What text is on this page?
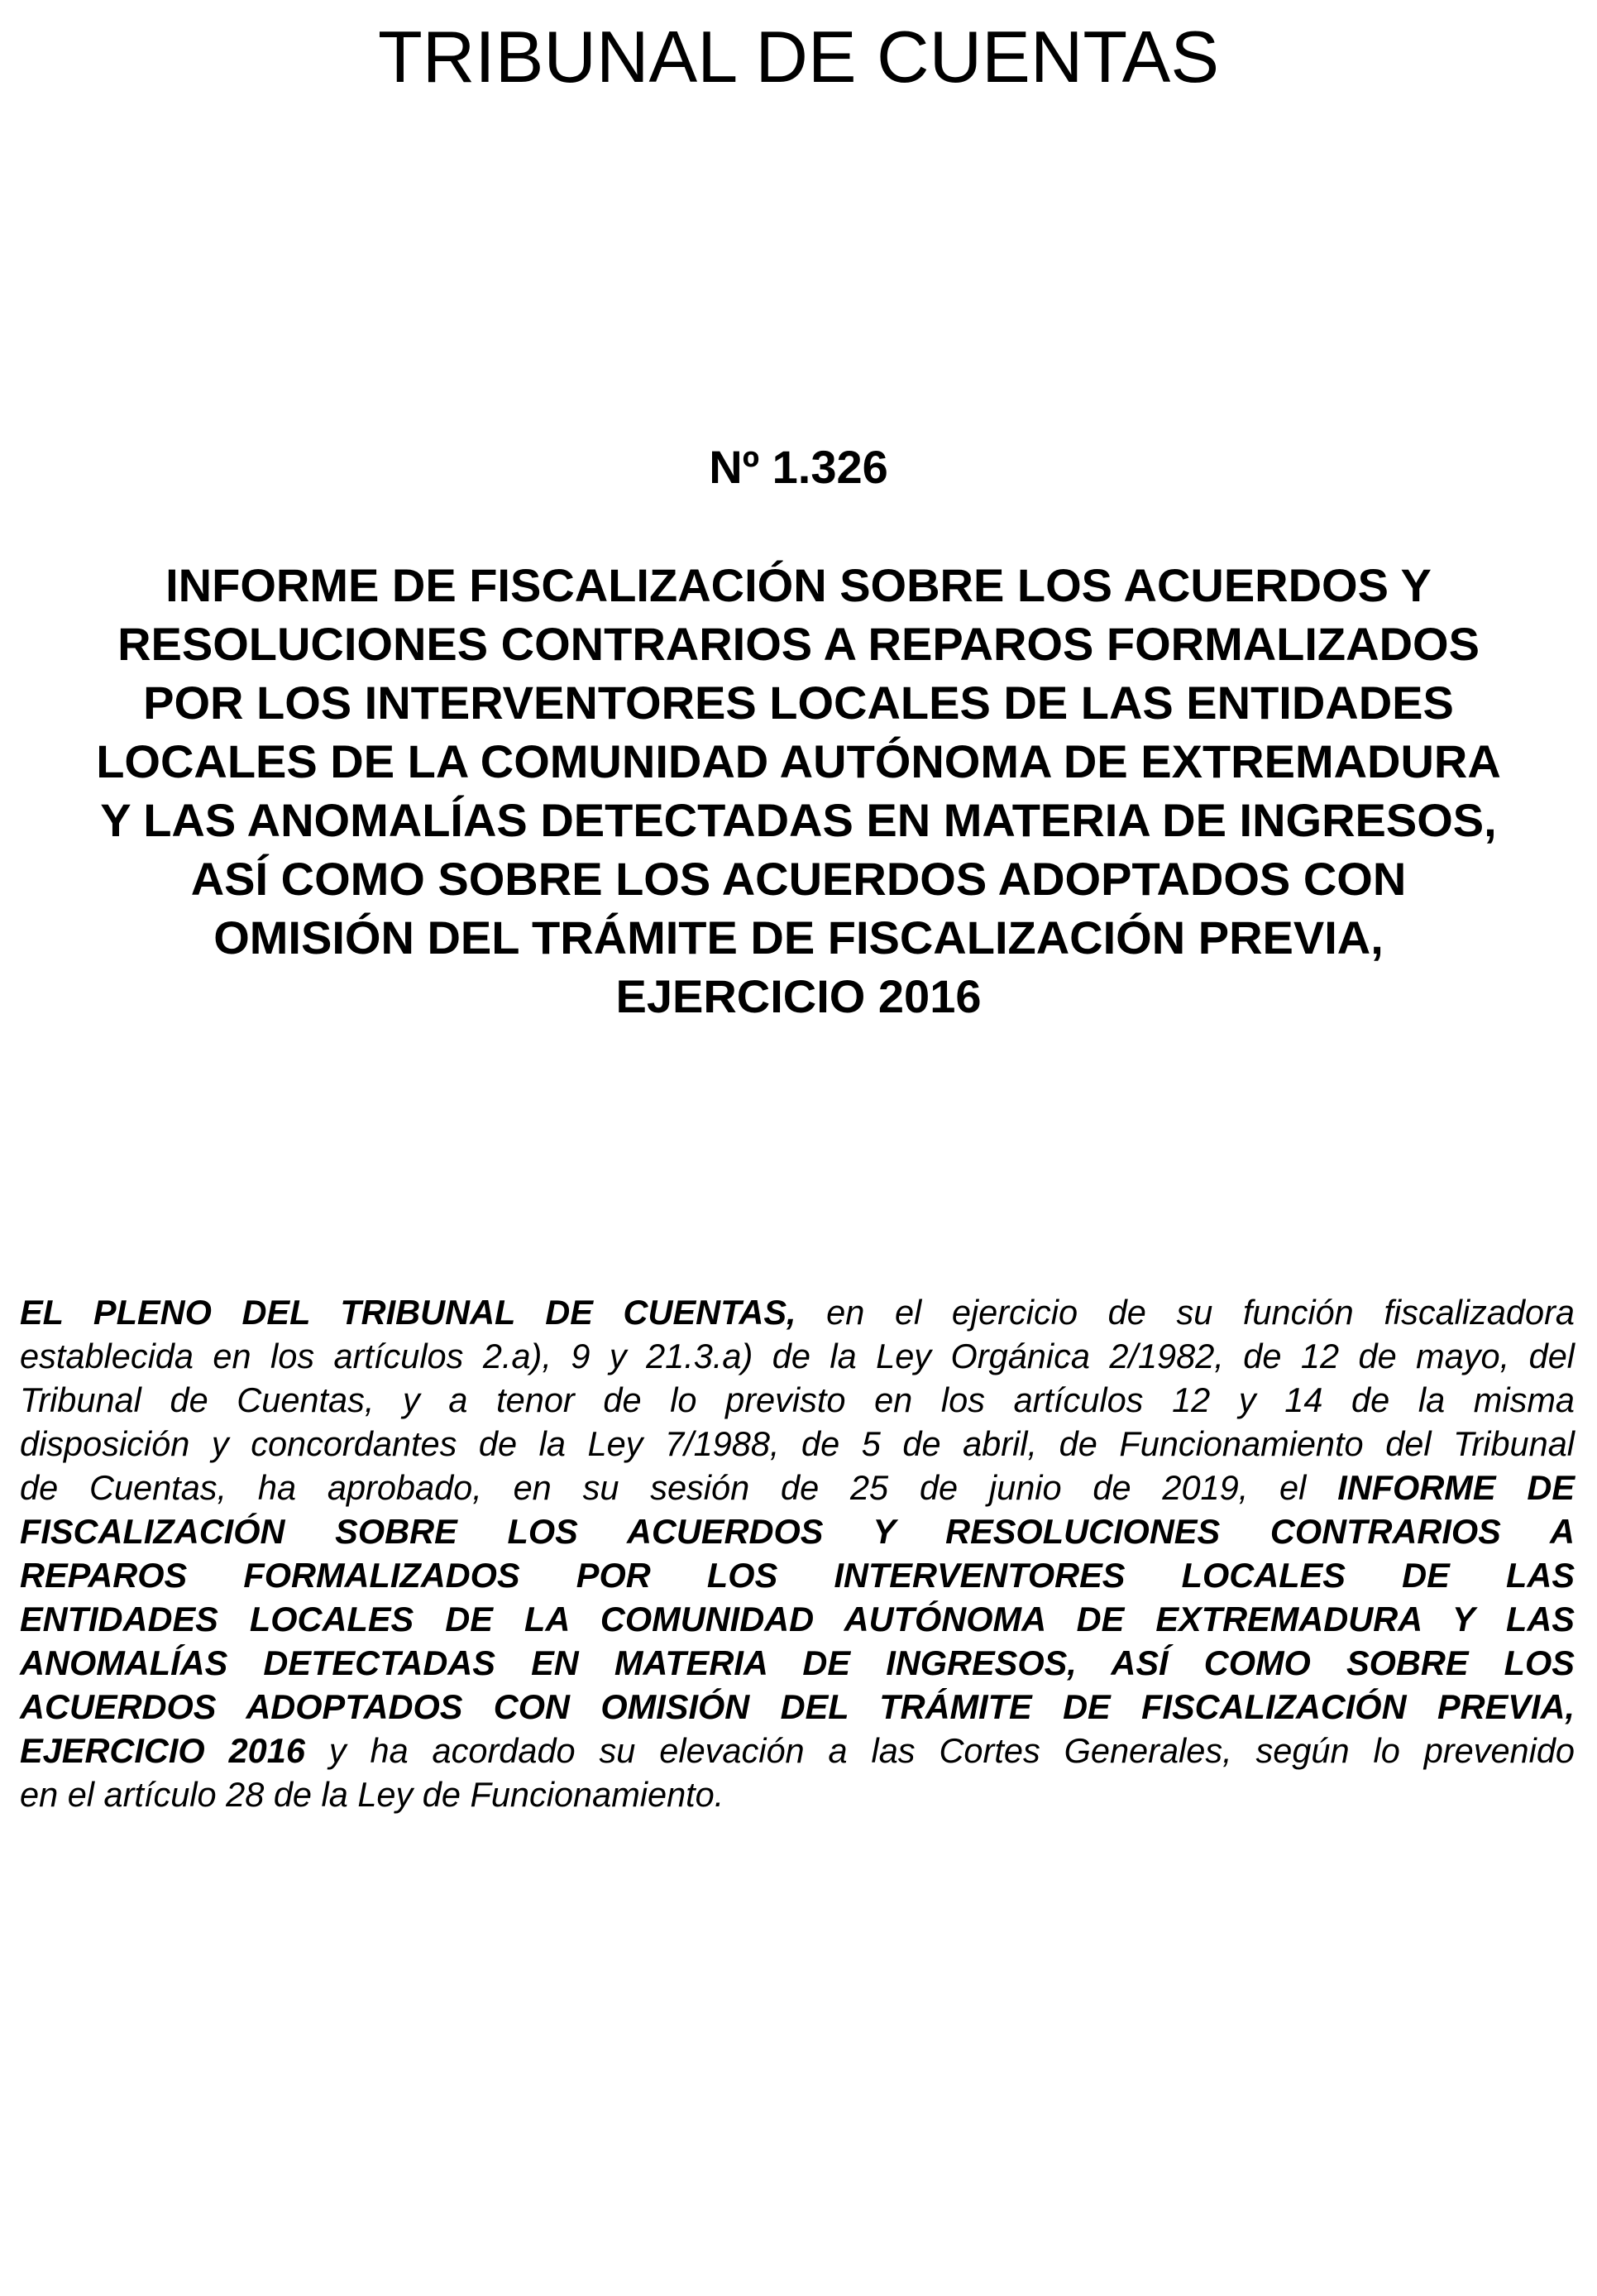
TRIBUNAL DE CUENTAS
Nº 1.326
INFORME DE FISCALIZACIÓN SOBRE LOS ACUERDOS Y
RESOLUCIONES CONTRARIOS A REPAROS FORMALIZADOS
POR LOS INTERVENTORES LOCALES DE LAS ENTIDADES
LOCALES DE LA COMUNIDAD AUTÓNOMA DE EXTREMADURA
Y LAS ANOMALÍAS DETECTADAS EN MATERIA DE INGRESOS,
ASÍ COMO SOBRE LOS ACUERDOS ADOPTADOS CON
OMISIÓN DEL TRÁMITE DE FISCALIZACIÓN PREVIA,
EJERCICIO 2016
EL PLENO DEL TRIBUNAL DE CUENTAS, en el ejercicio de su función fiscalizadora
establecida en los artículos 2.a), 9 y 21.3.a) de la Ley Orgánica 2/1982, de 12 de mayo, del
Tribunal de Cuentas, y a tenor de lo previsto en los artículos 12 y 14 de la misma
disposición y concordantes de la Ley 7/1988, de 5 de abril, de Funcionamiento del Tribunal
de Cuentas, ha aprobado, en su sesión de 25 de junio de 2019, el INFORME DE
FISCALIZACIÓN SOBRE LOS ACUERDOS Y RESOLUCIONES CONTRARIOS A
REPAROS FORMALIZADOS POR LOS INTERVENTORES LOCALES DE LAS
ENTIDADES LOCALES DE LA COMUNIDAD AUTÓNOMA DE EXTREMADURA Y LAS
ANOMALÍAS DETECTADAS EN MATERIA DE INGRESOS, ASÍ COMO SOBRE LOS
ACUERDOS ADOPTADOS CON OMISIÓN DEL TRÁMITE DE FISCALIZACIÓN PREVIA,
EJERCICIO 2016 y ha acordado su elevación a las Cortes Generales, según lo prevenido
en el artículo 28 de la Ley de Funcionamiento.
